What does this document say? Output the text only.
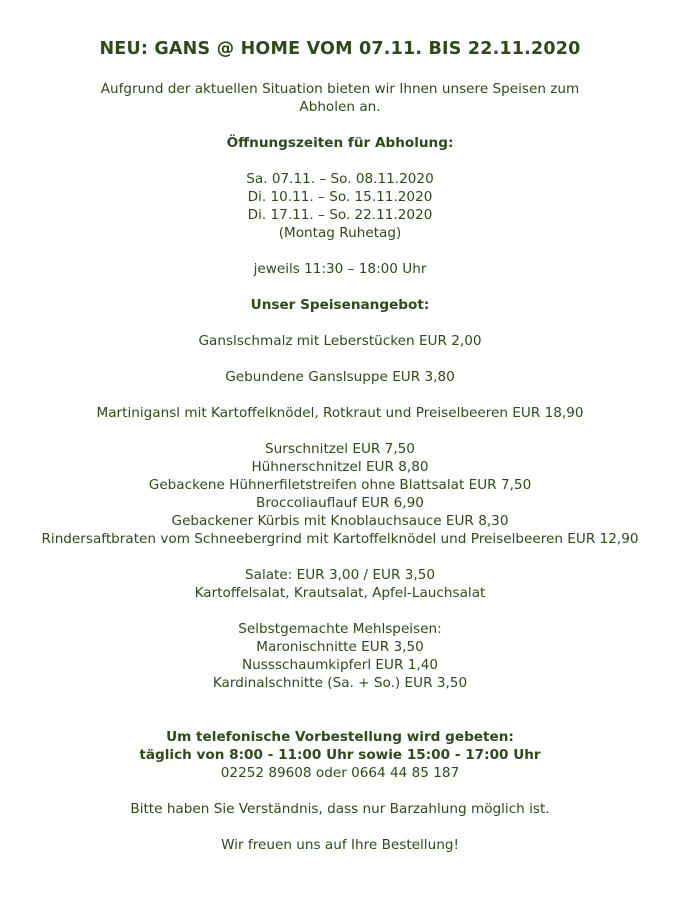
NEU: GANS @ HOME VOM 07.11. BIS 22.11.2020

Aufgrund der aktuellen Situation bieten wir Ihnen unsere Speisen zum Abholen an.

Öffnungszeiten für Abholung:

Sa. 07.11. – So. 08.11.2020

Di. 10.11. – So. 15.11.2020

Di. 17.11. – So. 22.11.2020

(Montag Ruhetag)

jeweils 11:30 – 18:00 Uhr

Unser Speisenangebot:

Ganslschmalz mit Leberstücken EUR 2,00

Gebundene Ganslsuppe EUR 3,80

Martinigansl mit Kartoffelknödel, Rotkraut und Preiselbeeren EUR 18,90

Surschnitzel EUR 7,50

Hühnerschnitzel EUR 8,80

Gebackene Hühnerfiletstreifen ohne Blattsalat EUR 7,50

Broccoliauflauf EUR 6,90

Gebackener Kürbis mit Knoblauchsauce EUR 8,30

Rindersaftbraten vom Schneebergrind mit Kartoffelknödel und Preiselbeeren EUR 12,90

Salate: EUR 3,00 / EUR 3,50

Kartoffelsalat, Krautsalat, Apfel-Lauchsalat

Selbstgemachte Mehlspeisen:

Maronischnitte EUR 3,50

Nussschaumkipferl EUR 1,40

Kardinalschnitte (Sa. + So.) EUR 3,50

Um telefonische Vorbestellung wird gebeten:

täglich von 8:00 - 11:00 Uhr sowie 15:00 - 17:00 Uhr

02252 89608 oder 0664 44 85 187

Bitte haben Sie Verständnis, dass nur Barzahlung möglich ist.

Wir freuen uns auf Ihre Bestellung!
